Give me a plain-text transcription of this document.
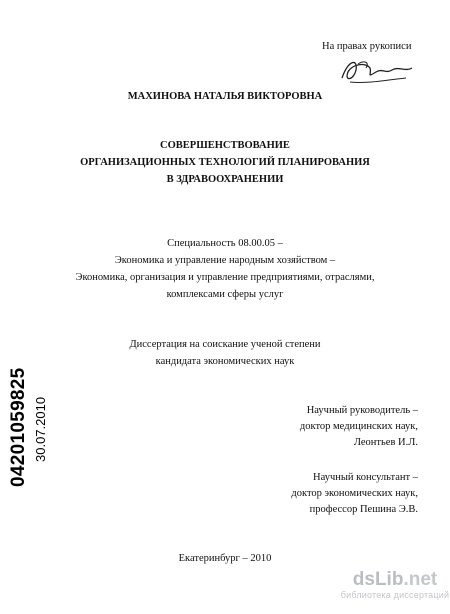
На правах рукописи
МАХИНОВА НАТАЛЬЯ ВИКТОРОВНА
СОВЕРШЕНСТВОВАНИЕ
ОРГАНИЗАЦИОННЫХ ТЕХНОЛОГИЙ ПЛАНИРОВАНИЯ
В ЗДРАВООХРАНЕНИИ
Специальность 08.00.05 –
Экономика и управление народным хозяйством –
Экономика, организация и управление предприятиями, отраслями,
комплексами сферы услуг
Диссертация на соискание ученой степени
кандидата экономических наук
Научный руководитель –
доктор медицинских наук,
Леонтьев И.Л.
Научный консультант –
доктор экономических наук,
профессор Пешина Э.В.
Екатеринбург – 2010
04201059825 30.07.2010
dsLib.net
библиотека диссертаций
